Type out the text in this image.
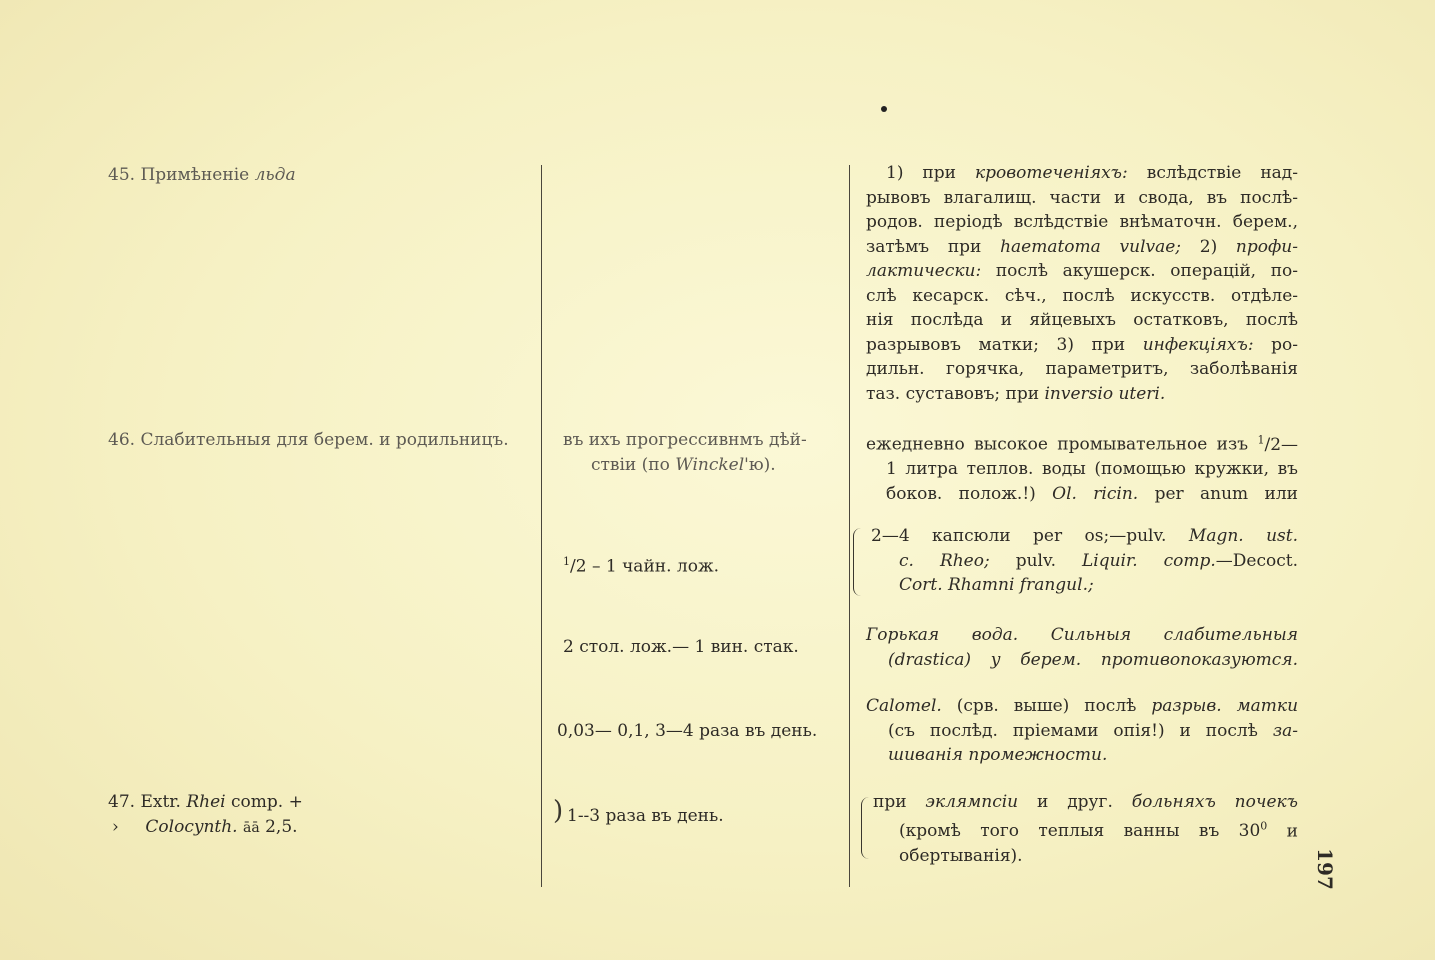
45. Примѣненіе льда
46. Слабительныя для берем. и родильницъ.
47. Extr. Rhei comp. +
› Colocynth. āā 2,5.
въ ихъ прогрессивнмъ дѣй-
ствіи (по Winckel'ю).
$^1$/2 – 1 чайн. лож.
2 стол. лож.— 1 вин. стак.
0,03— 0,1, 3—4 раза въ день.
) 1--3 раза въ день.
1) при кровотеченіяхъ: вслѣдствіе над-
рывовъ влагалищ. части и свода, въ послѣ-
родов. періодѣ вслѣдствіе внѣматочн. берем.,
затѣмъ при haematoma vulvae; 2) профи-
лактически: послѣ акушерск. операцій, по-
слѣ кесарск. сѣч., послѣ искусств. отдѣле-
нія послѣда и яйцевыхъ остатковъ, послѣ
разрывовъ матки; 3) при инфекціяхъ: ро-
дильн. горячка, параметритъ, заболѣванія
таз. суставовъ; при inversio uteri.
ежедневно высокое промывательное изъ $^1$/2—
1 литра теплов. воды (помощью кружки, въ
боков. полож.!) Ol. ricin. per anum или
2—4 капсюли per os;—pulv. Magn. ust.
c. Rheo; pulv. Liquir. comp.—Decoct.
Cort. Rhamni frangul.;
Горькая вода. Сильныя слабительныя
(drastica) у берем. противопоказуются.
Calomel. (срв. выше) послѣ разрыв. матки
(съ послѣд. пріемами опія!) и послѣ за-
шиванія промежности.
при эклямпсіи и друг. больняхъ почекъ
(кромѣ того теплыя ванны въ $30^0$ и
обертыванія).	197
